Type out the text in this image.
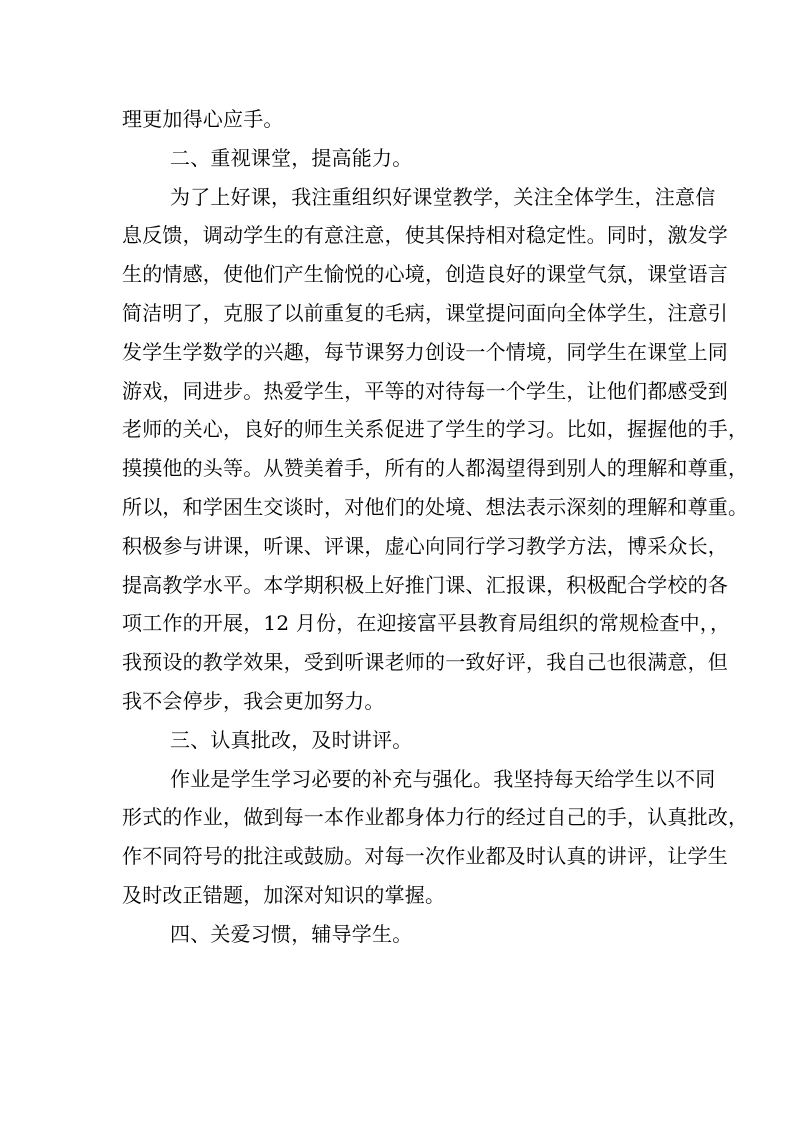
理更加得心应手。
二、重视课堂，提高能力。
为了上好课，我注重组织好课堂教学，关注全体学生，注意信
息反馈，调动学生的有意注意，使其保持相对稳定性。同时，激发学
生的情感，使他们产生愉悦的心境，创造良好的课堂气氛，课堂语言
简洁明了，克服了以前重复的毛病，课堂提问面向全体学生，注意引
发学生学数学的兴趣，每节课努力创设一个情境，同学生在课堂上同
游戏，同进步。热爱学生，平等的对待每一个学生，让他们都感受到
老师的关心，良好的师生关系促进了学生的学习。比如，握握他的手，
摸摸他的头等。从赞美着手，所有的人都渴望得到别人的理解和尊重，
所以，和学困生交谈时，对他们的处境、想法表示深刻的理解和尊重。
积极参与讲课，听课、评课，虚心向同行学习教学方法，博采众长，
提高教学水平。本学期积极上好推门课、汇报课，积极配合学校的各
项工作的开展，12 月份，在迎接富平县教育局组织的常规检查中，，
我预设的教学效果，受到听课老师的一致好评，我自己也很满意，但
我不会停步，我会更加努力。
三、认真批改，及时讲评。
作业是学生学习必要的补充与强化。我坚持每天给学生以不同
形式的作业，做到每一本作业都身体力行的经过自己的手，认真批改，
作不同符号的批注或鼓励。对每一次作业都及时认真的讲评，让学生
及时改正错题，加深对知识的掌握。
四、关爱习惯，辅导学生。
